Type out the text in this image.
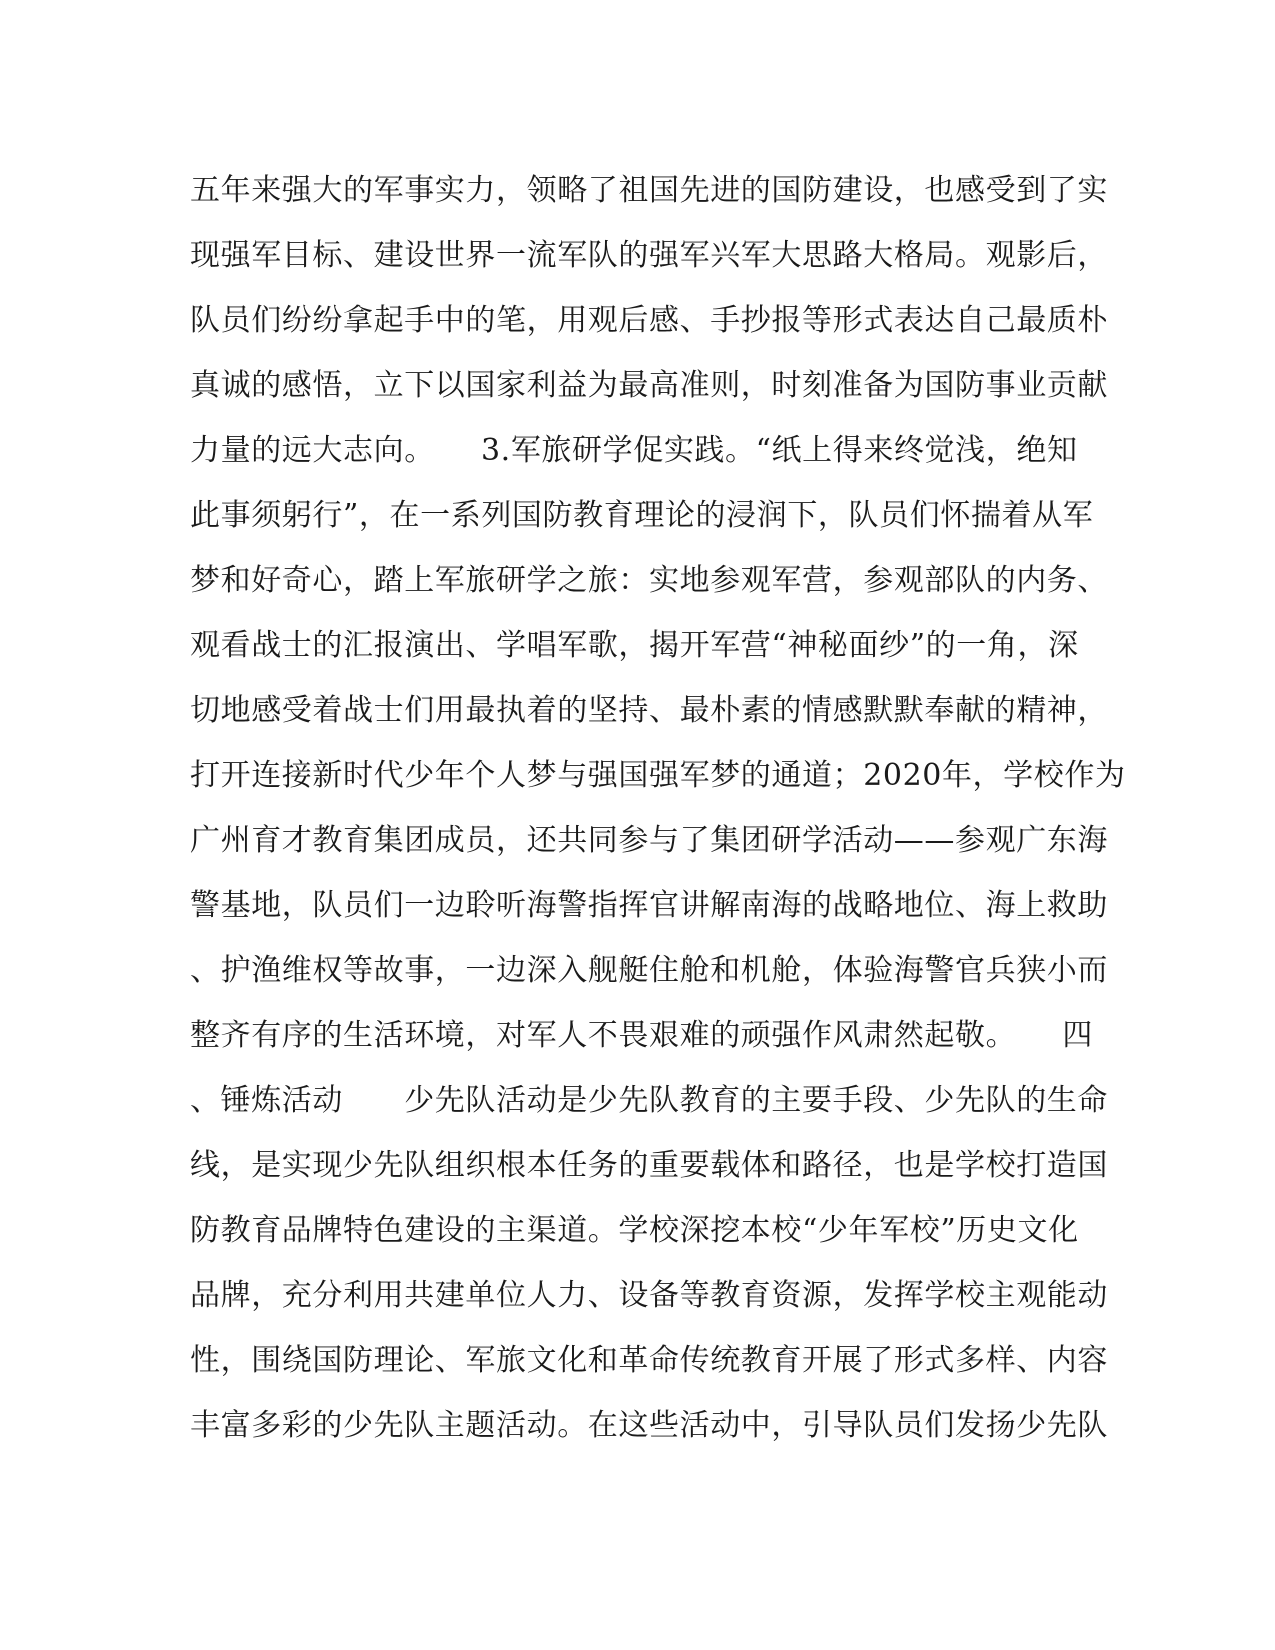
五年来强大的军事实力，领略了祖国先进的国防建设，也感受到了实
现强军目标、建设世界一流军队的强军兴军大思路大格局。观影后，
队员们纷纷拿起手中的笔，用观后感、手抄报等形式表达自己最质朴
真诚的感悟，立下以国家利益为最高准则，时刻准备为国防事业贡献
力量的远大志向。　　3.军旅研学促实践。“纸上得来终觉浅，绝知
此事须躬行”，在一系列国防教育理论的浸润下，队员们怀揣着从军
梦和好奇心，踏上军旅研学之旅：实地参观军营，参观部队的内务、
观看战士的汇报演出、学唱军歌，揭开军营“神秘面纱”的一角，深
切地感受着战士们用最执着的坚持、最朴素的情感默默奉献的精神，
打开连接新时代少年个人梦与强国强军梦的通道；2020年，学校作为
广州育才教育集团成员，还共同参与了集团研学活动——参观广东海
警基地，队员们一边聆听海警指挥官讲解南海的战略地位、海上救助
、护渔维权等故事，一边深入舰艇住舱和机舱，体验海警官兵狭小而
整齐有序的生活环境，对军人不畏艰难的顽强作风肃然起敬。　　四
、锤炼活动　　少先队活动是少先队教育的主要手段、少先队的生命
线，是实现少先队组织根本任务的重要载体和路径，也是学校打造国
防教育品牌特色建设的主渠道。学校深挖本校“少年军校”历史文化
品牌，充分利用共建单位人力、设备等教育资源，发挥学校主观能动
性，围绕国防理论、军旅文化和革命传统教育开展了形式多样、内容
丰富多彩的少先队主题活动。在这些活动中，引导队员们发扬少先队
